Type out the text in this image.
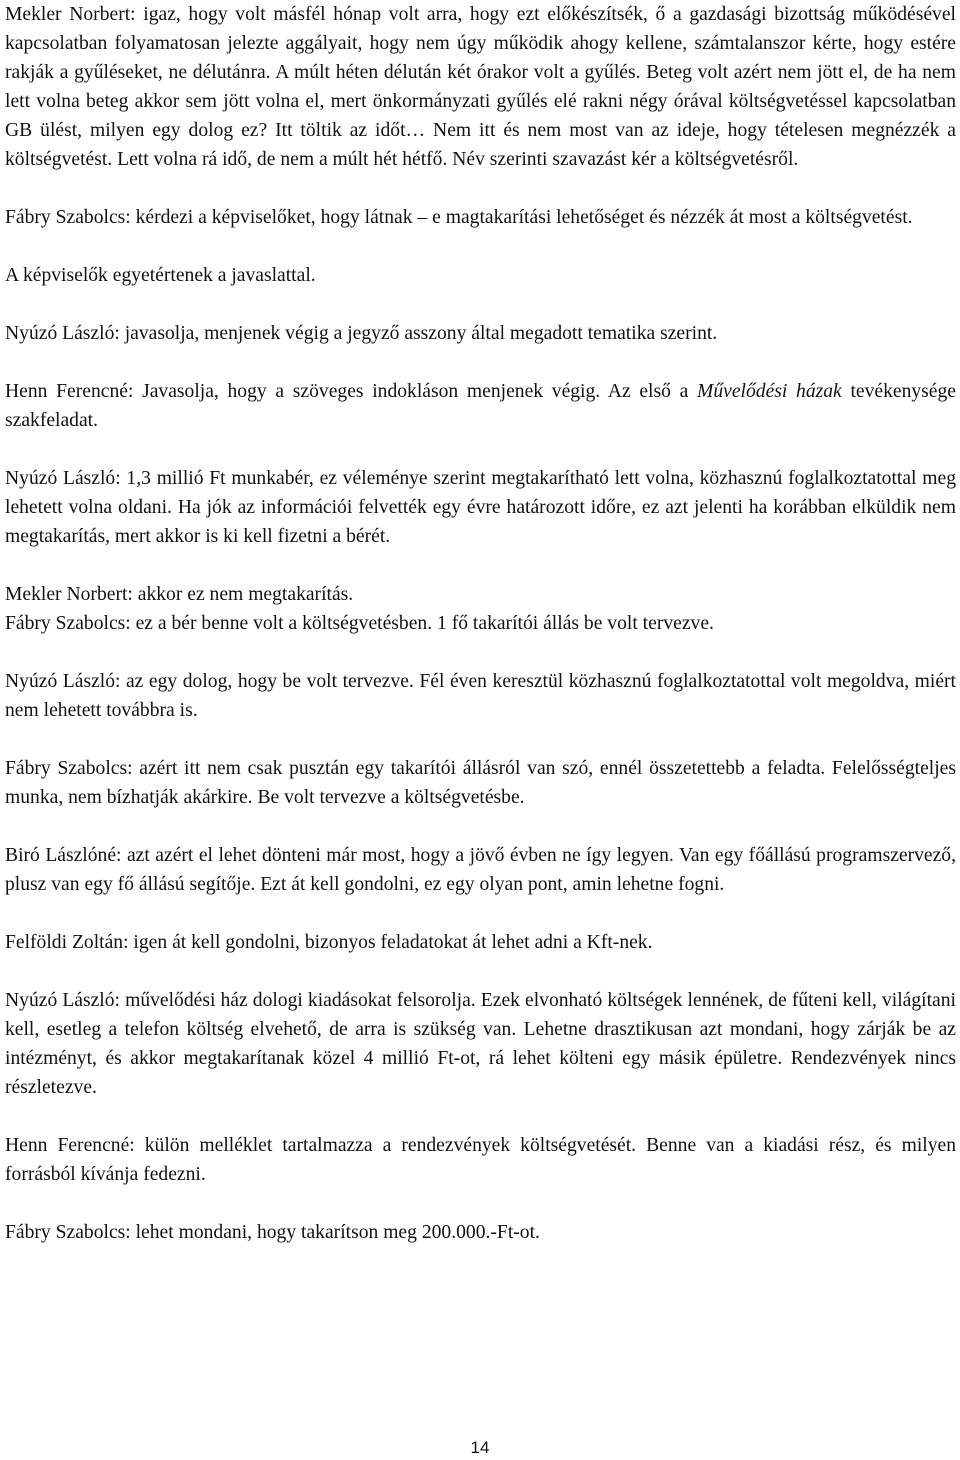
Mekler Norbert: igaz, hogy volt másfél hónap volt arra, hogy ezt előkészítsék, ő a gazdasági bizottság működésével kapcsolatban folyamatosan jelezte aggályait, hogy nem úgy működik ahogy kellene, számtalanszor kérte, hogy estére rakják a gyűléseket, ne délutánra. A múlt héten délután két órakor volt a gyűlés. Beteg volt azért nem jött el, de ha nem lett volna beteg akkor sem jött volna el, mert önkormányzati gyűlés elé rakni négy órával költségvetéssel kapcsolatban GB ülést, milyen egy dolog ez? Itt töltik az időt… Nem itt és nem most van az ideje, hogy tételesen megnézzék a költségvetést. Lett volna rá idő, de nem a múlt hét hétfő. Név szerinti szavazást kér a költségvetésről.

Fábry Szabolcs: kérdezi a képviselőket, hogy látnak – e magtakarítási lehetőséget és nézzék át most a költségvetést.

A képviselők egyetértenek a javaslattal.

Nyúzó László: javasolja, menjenek végig a jegyző asszony által megadott tematika szerint.

Henn Ferencné: Javasolja, hogy a szöveges indokláson menjenek végig. Az első a Művelődési házak tevékenysége szakfeladat.

Nyúzó László: 1,3 millió Ft munkabér, ez véleménye szerint megtakarítható lett volna, közhasznú foglalkoztatottal meg lehetett volna oldani. Ha jók az információi felvették egy évre határozott időre, ez azt jelenti ha korábban elküldik nem megtakarítás, mert akkor is ki kell fizetni a bérét.

Mekler Norbert: akkor ez nem megtakarítás.

Fábry Szabolcs: ez a bér benne volt a költségvetésben. 1 fő takarítói állás be volt tervezve.

Nyúzó László: az egy dolog, hogy be volt tervezve. Fél éven keresztül közhasznú foglalkoztatottal volt megoldva, miért nem lehetett továbbra is.

Fábry Szabolcs: azért itt nem csak pusztán egy takarítói állásról van szó, ennél összetettebb a feladta. Felelősségteljes munka, nem bízhatják akárkire. Be volt tervezve a költségvetésbe.

Biró Lászlóné: azt azért el lehet dönteni már most, hogy a jövő évben ne így legyen. Van egy főállású programszervező, plusz van egy fő állású segítője. Ezt át kell gondolni, ez egy olyan pont, amin lehetne fogni.

Felföldi Zoltán: igen át kell gondolni, bizonyos feladatokat át lehet adni a Kft-nek.

Nyúzó László: művelődési ház dologi kiadásokat felsorolja. Ezek elvonható költségek lennének, de fűteni kell, világítani kell, esetleg a telefon költség elvehető, de arra is szükség van. Lehetne drasztikusan azt mondani, hogy zárják be az intézményt, és akkor megtakarítanak közel 4 millió Ft-ot, rá lehet költeni egy másik épületre. Rendezvények nincs részletezve.

Henn Ferencné: külön melléklet tartalmazza a rendezvények költségvetését. Benne van a kiadási rész, és milyen forrásból kívánja fedezni.

Fábry Szabolcs: lehet mondani, hogy takarítson meg 200.000.-Ft-ot.

14
